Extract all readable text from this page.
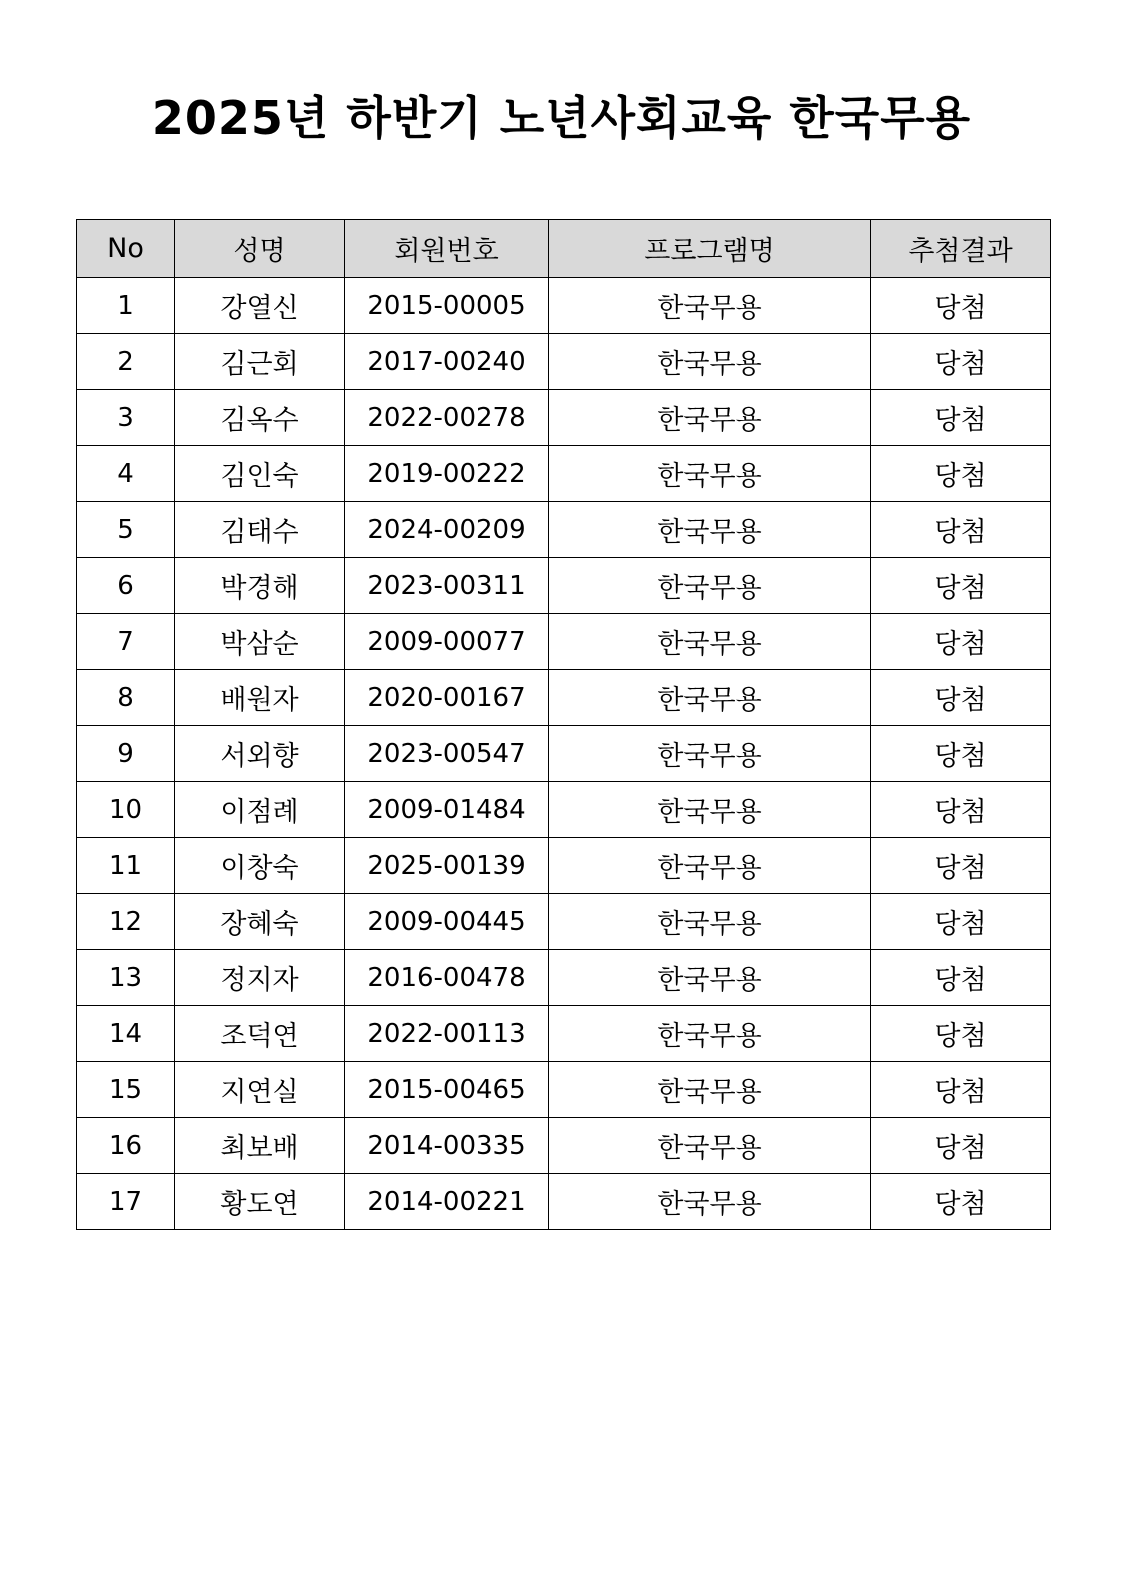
2025년 하반기 노년사회교육 한국무용
No	성명	회원번호	프로그램명	추첨결과
1	강열신	2015-00005	한국무용	당첨
2	김근회	2017-00240	한국무용	당첨
3	김옥수	2022-00278	한국무용	당첨
4	김인숙	2019-00222	한국무용	당첨
5	김태수	2024-00209	한국무용	당첨
6	박경해	2023-00311	한국무용	당첨
7	박삼순	2009-00077	한국무용	당첨
8	배원자	2020-00167	한국무용	당첨
9	서외향	2023-00547	한국무용	당첨
10	이점례	2009-01484	한국무용	당첨
11	이창숙	2025-00139	한국무용	당첨
12	장혜숙	2009-00445	한국무용	당첨
13	정지자	2016-00478	한국무용	당첨
14	조덕연	2022-00113	한국무용	당첨
15	지연실	2015-00465	한국무용	당첨
16	최보배	2014-00335	한국무용	당첨
17	황도연	2014-00221	한국무용	당첨
